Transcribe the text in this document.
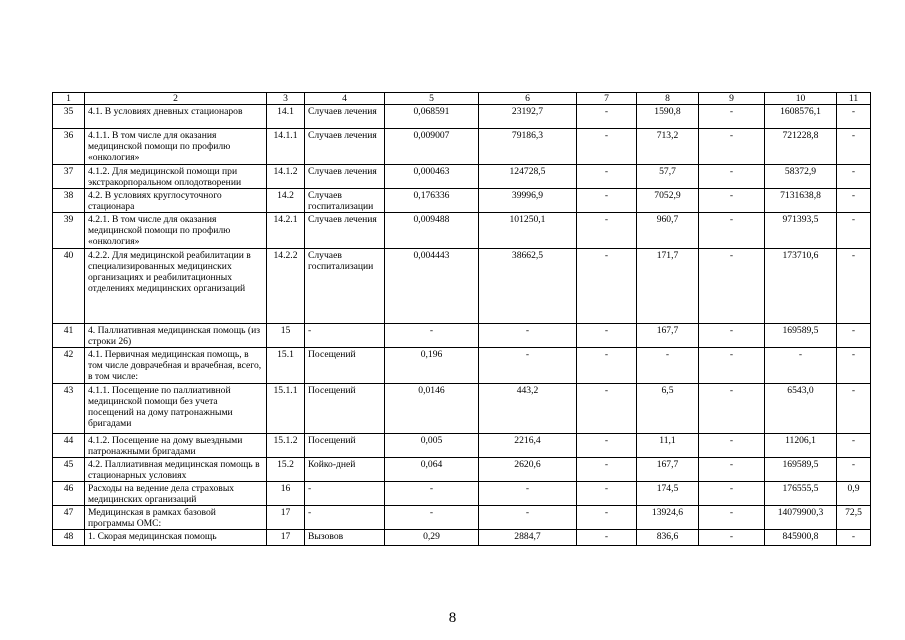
1	2	3	4	5	6	7	8	9	10	11
35	4.1. В условиях дневных стационаров	14.1	Случаев лечения	0,068591	23192,7	-	1590,8	-	1608576,1	-
36	4.1.1. В том числе для оказания медицинской помощи по профилю «онкология»	14.1.1	Случаев лечения	0,009007	79186,3	-	713,2	-	721228,8	-
37	4.1.2. Для медицинской помощи при экстракорпоральном оплодотворении	14.1.2	Случаев лечения	0,000463	124728,5	-	57,7	-	58372,9	-
38	4.2. В условиях круглосуточного стационара	14.2	Случаев госпитализации	0,176336	39996,9	-	7052,9	-	7131638,8	-
39	4.2.1. В том числе для оказания медицинской помощи по профилю «онкология»	14.2.1	Случаев лечения	0,009488	101250,1	-	960,7	-	971393,5	-
40	4.2.2. Для медицинской реабилитации в специализированных медицинских организациях и реабилитационных отделениях медицинских организаций	14.2.2	Случаев госпитализации	0,004443	38662,5	-	171,7	-	173710,6	-
41	4. Паллиативная медицинская помощь (из строки 26)	15	-	-	-	-	167,7	-	169589,5	-
42	4.1. Первичная медицинская помощь, в том числе доврачебная и врачебная, всего, в том числе:	15.1	Посещений	0,196	-	-	-	-	-	-
43	4.1.1. Посещение по паллиативной медицинской помощи без учета посещений на дому патронажными бригадами	15.1.1	Посещений	0,0146	443,2	-	6,5	-	6543,0	-
44	4.1.2. Посещение на дому выездными патронажными бригадами	15.1.2	Посещений	0,005	2216,4	-	11,1	-	11206,1	-
45	4.2. Паллиативная медицинская помощь в стационарных условиях	15.2	Койко-дней	0,064	2620,6	-	167,7	-	169589,5	-
46	Расходы на ведение дела страховых медицинских организаций	16	-	-	-	-	174,5	-	176555,5	0,9
47	Медицинская в рамках базовой программы ОМС:	17	-	-	-	-	13924,6	-	14079900,3	72,5
48	1. Скорая медицинская помощь	17	Вызовов	0,29	2884,7	-	836,6	-	845900,8	-
8
